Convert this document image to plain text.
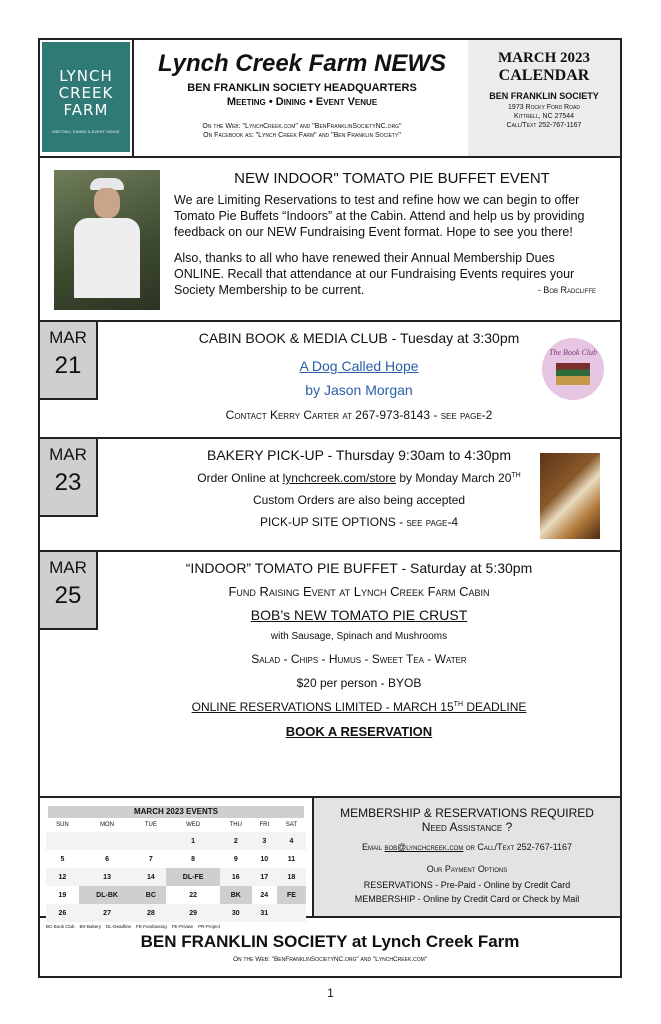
LYNCH
CREEK
FARM
MEETING, DINING & EVENT VENUE
Lynch Creek Farm NEWS
BEN FRANKLIN SOCIETY HEADQUARTERS
Meeting • Dining • Event Venue
On the Web: "LynchCreek.com" and "BenFranklinSocietyNC.org"
On Facebook as: "Lynch Creek Farm" and "Ben Franklin Society"
MARCH 2023
CALENDAR
BEN FRANKLIN SOCIETY
1973 Rocky Ford Road
Kittrell, NC 27544
Call/Text 252-767-1167
NEW INDOOR" TOMATO PIE BUFFET EVENT
We are Limiting Reservations to test and refine how we can begin to offer Tomato Pie Buffets “Indoors” at the Cabin. Attend and help us by providing feedback on our NEW Fundraising Event format. Hope to see you there!
Also, thanks to all who have renewed their Annual Membership Dues ONLINE. Recall that attendance at our Fundraising Events requires your Society Membership to be current.	- Bob Radcliffe
MAR
21
CABIN BOOK & MEDIA CLUB - Tuesday at 3:30pm
A Dog Called Hope
by Jason Morgan
Contact Kerry Carter at 267-973-8143 - see page-2
The Book Club
MAR
23
BAKERY PICK-UP - Thursday 9:30am to 4:30pm
Order Online at lynchcreek.com/store by Monday March 20TH
Custom Orders are also being accepted
PICK-UP SITE OPTIONS - see page-4
MAR
25
“INDOOR” TOMATO PIE BUFFET - Saturday at 5:30pm
Fund Raising Event at Lynch Creek Farm Cabin
BOB’s NEW TOMATO PIE CRUST
with Sausage, Spinach and Mushrooms
Salad - Chips - Humus - Sweet Tea - Water
$20 per person - BYOB
ONLINE RESERVATIONS LIMITED - MARCH 15TH DEADLINE
BOOK A RESERVATION
MARCH 2023 EVENTS
SUN	MON	TUE	WED	THU	FRI	SAT
			1	2	3	4
5	6	7	8	9	10	11
12	13	14	DL-FE	16	17	18
19	DL-BK	BC	22	BK	24	FE
26	27	28	29	30	31	
BC-Book Club BK-Bakery DL-Deadline FE-Fundraising FE-Private PR-Project
MEMBERSHIP & RESERVATIONS REQUIRED
Need Assistance ?
Email bob@lynchcreek.com or Call/Text 252-767-1167
Our Payment Options
RESERVATIONS - Pre-Paid - Online by Credit Card
MEMBERSHIP - Online by Credit Card or Check by Mail
BEN FRANKLIN SOCIETY at Lynch Creek Farm
On the Web: "BenFranklinSocietyNC.org" and "LynchCreek.com"
1
